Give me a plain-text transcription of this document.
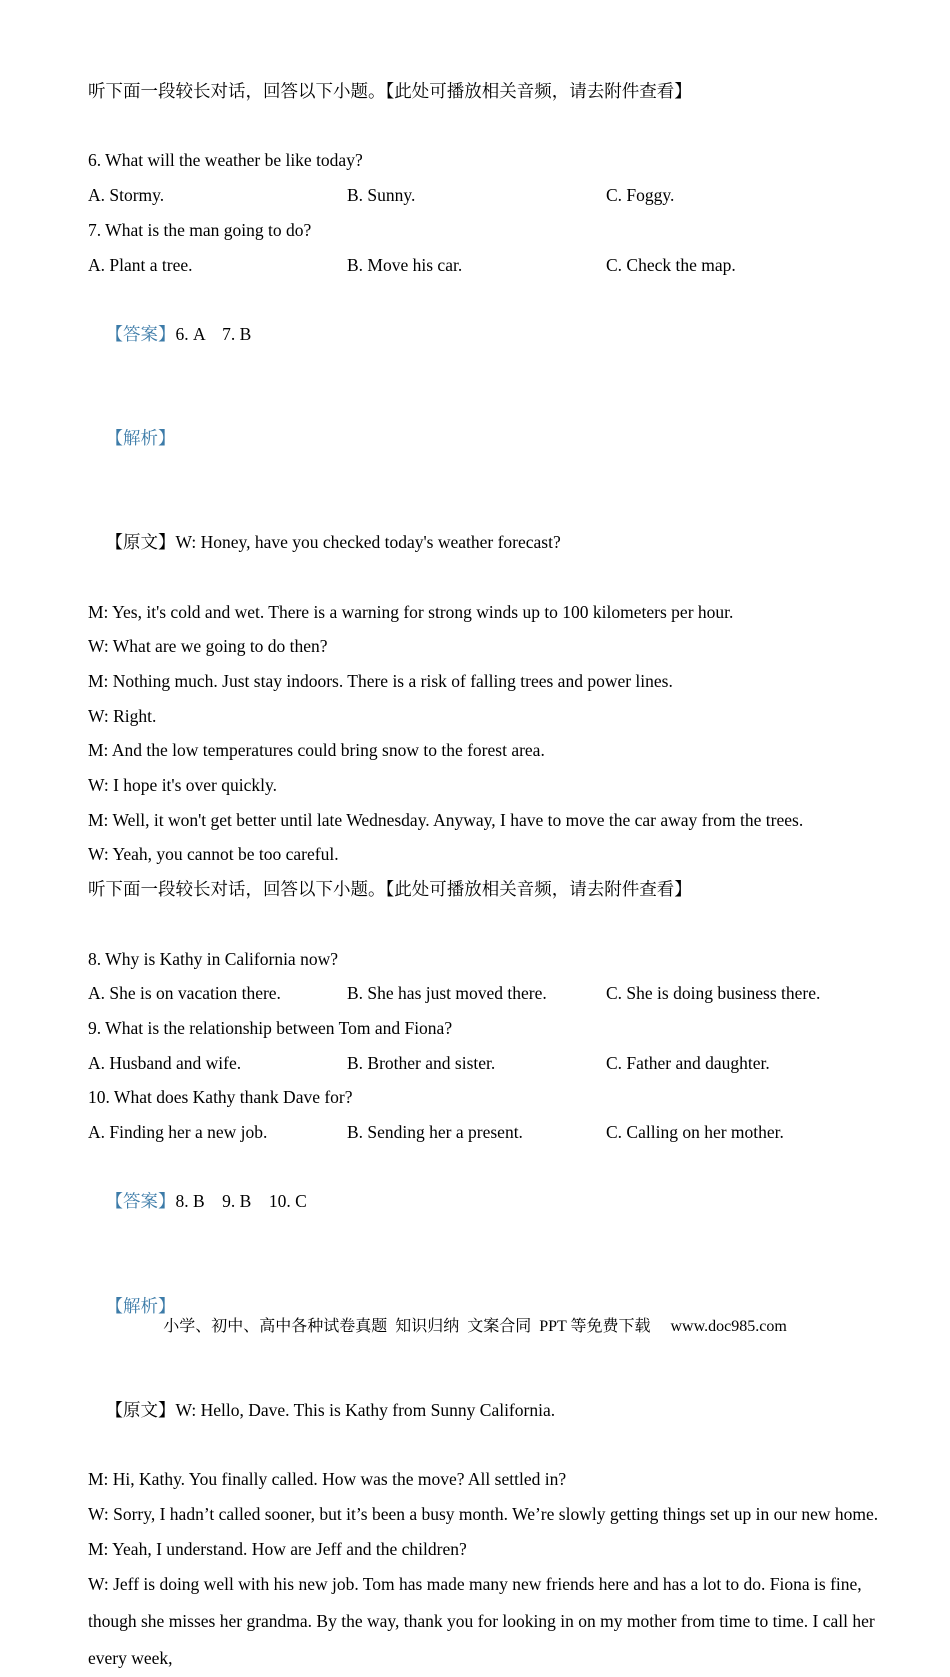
听下面一段较长对话，回答以下小题。【此处可播放相关音频，请去附件查看】
6. What will the weather be like today?
A. Stormy.	B. Sunny.	C. Foggy.
7. What is the man going to do?
A. Plant a tree.	B. Move his car.	C. Check the map.

【答案】6. A    7. B

【解析】

【原文】W: Honey, have you checked today's weather forecast?

M: Yes, it's cold and wet. There is a warning for strong winds up to 100 kilometers per hour.
W: What are we going to do then?
M: Nothing much. Just stay indoors. There is a risk of falling trees and power lines.
W: Right.
M: And the low temperatures could bring snow to the forest area.
W: I hope it's over quickly.
M: Well, it won't get better until late Wednesday. Anyway, I have to move the car away from the trees.
W: Yeah, you cannot be too careful.
听下面一段较长对话，回答以下小题。【此处可播放相关音频，请去附件查看】
8. Why is Kathy in California now?
A. She is on vacation there.	B. She has just moved there.	C. She is doing business there.
9. What is the relationship between Tom and Fiona?
A. Husband and wife.	B. Brother and sister.	C. Father and daughter.
10. What does Kathy thank Dave for?
A. Finding her a new job.	B. Sending her a present.	C. Calling on her mother.

【答案】8. B    9. B    10. C

【解析】

【原文】W: Hello, Dave. This is Kathy from Sunny California.

M: Hi, Kathy. You finally called. How was the move? All settled in?
W: Sorry, I hadn’t called sooner, but it’s been a busy month. We’re slowly getting things set up in our new home.
M: Yeah, I understand. How are Jeff and the children?
W: Jeff is doing well with his new job. Tom has made many new friends here and has a lot to do. Fiona is fine, though she misses her grandma. By the way, thank you for looking in on my mother from time to time. I call her every week,
小学、初中、高中各种试卷真题  知识归纳  文案合同  PPT 等免费下载     www.doc985.com
